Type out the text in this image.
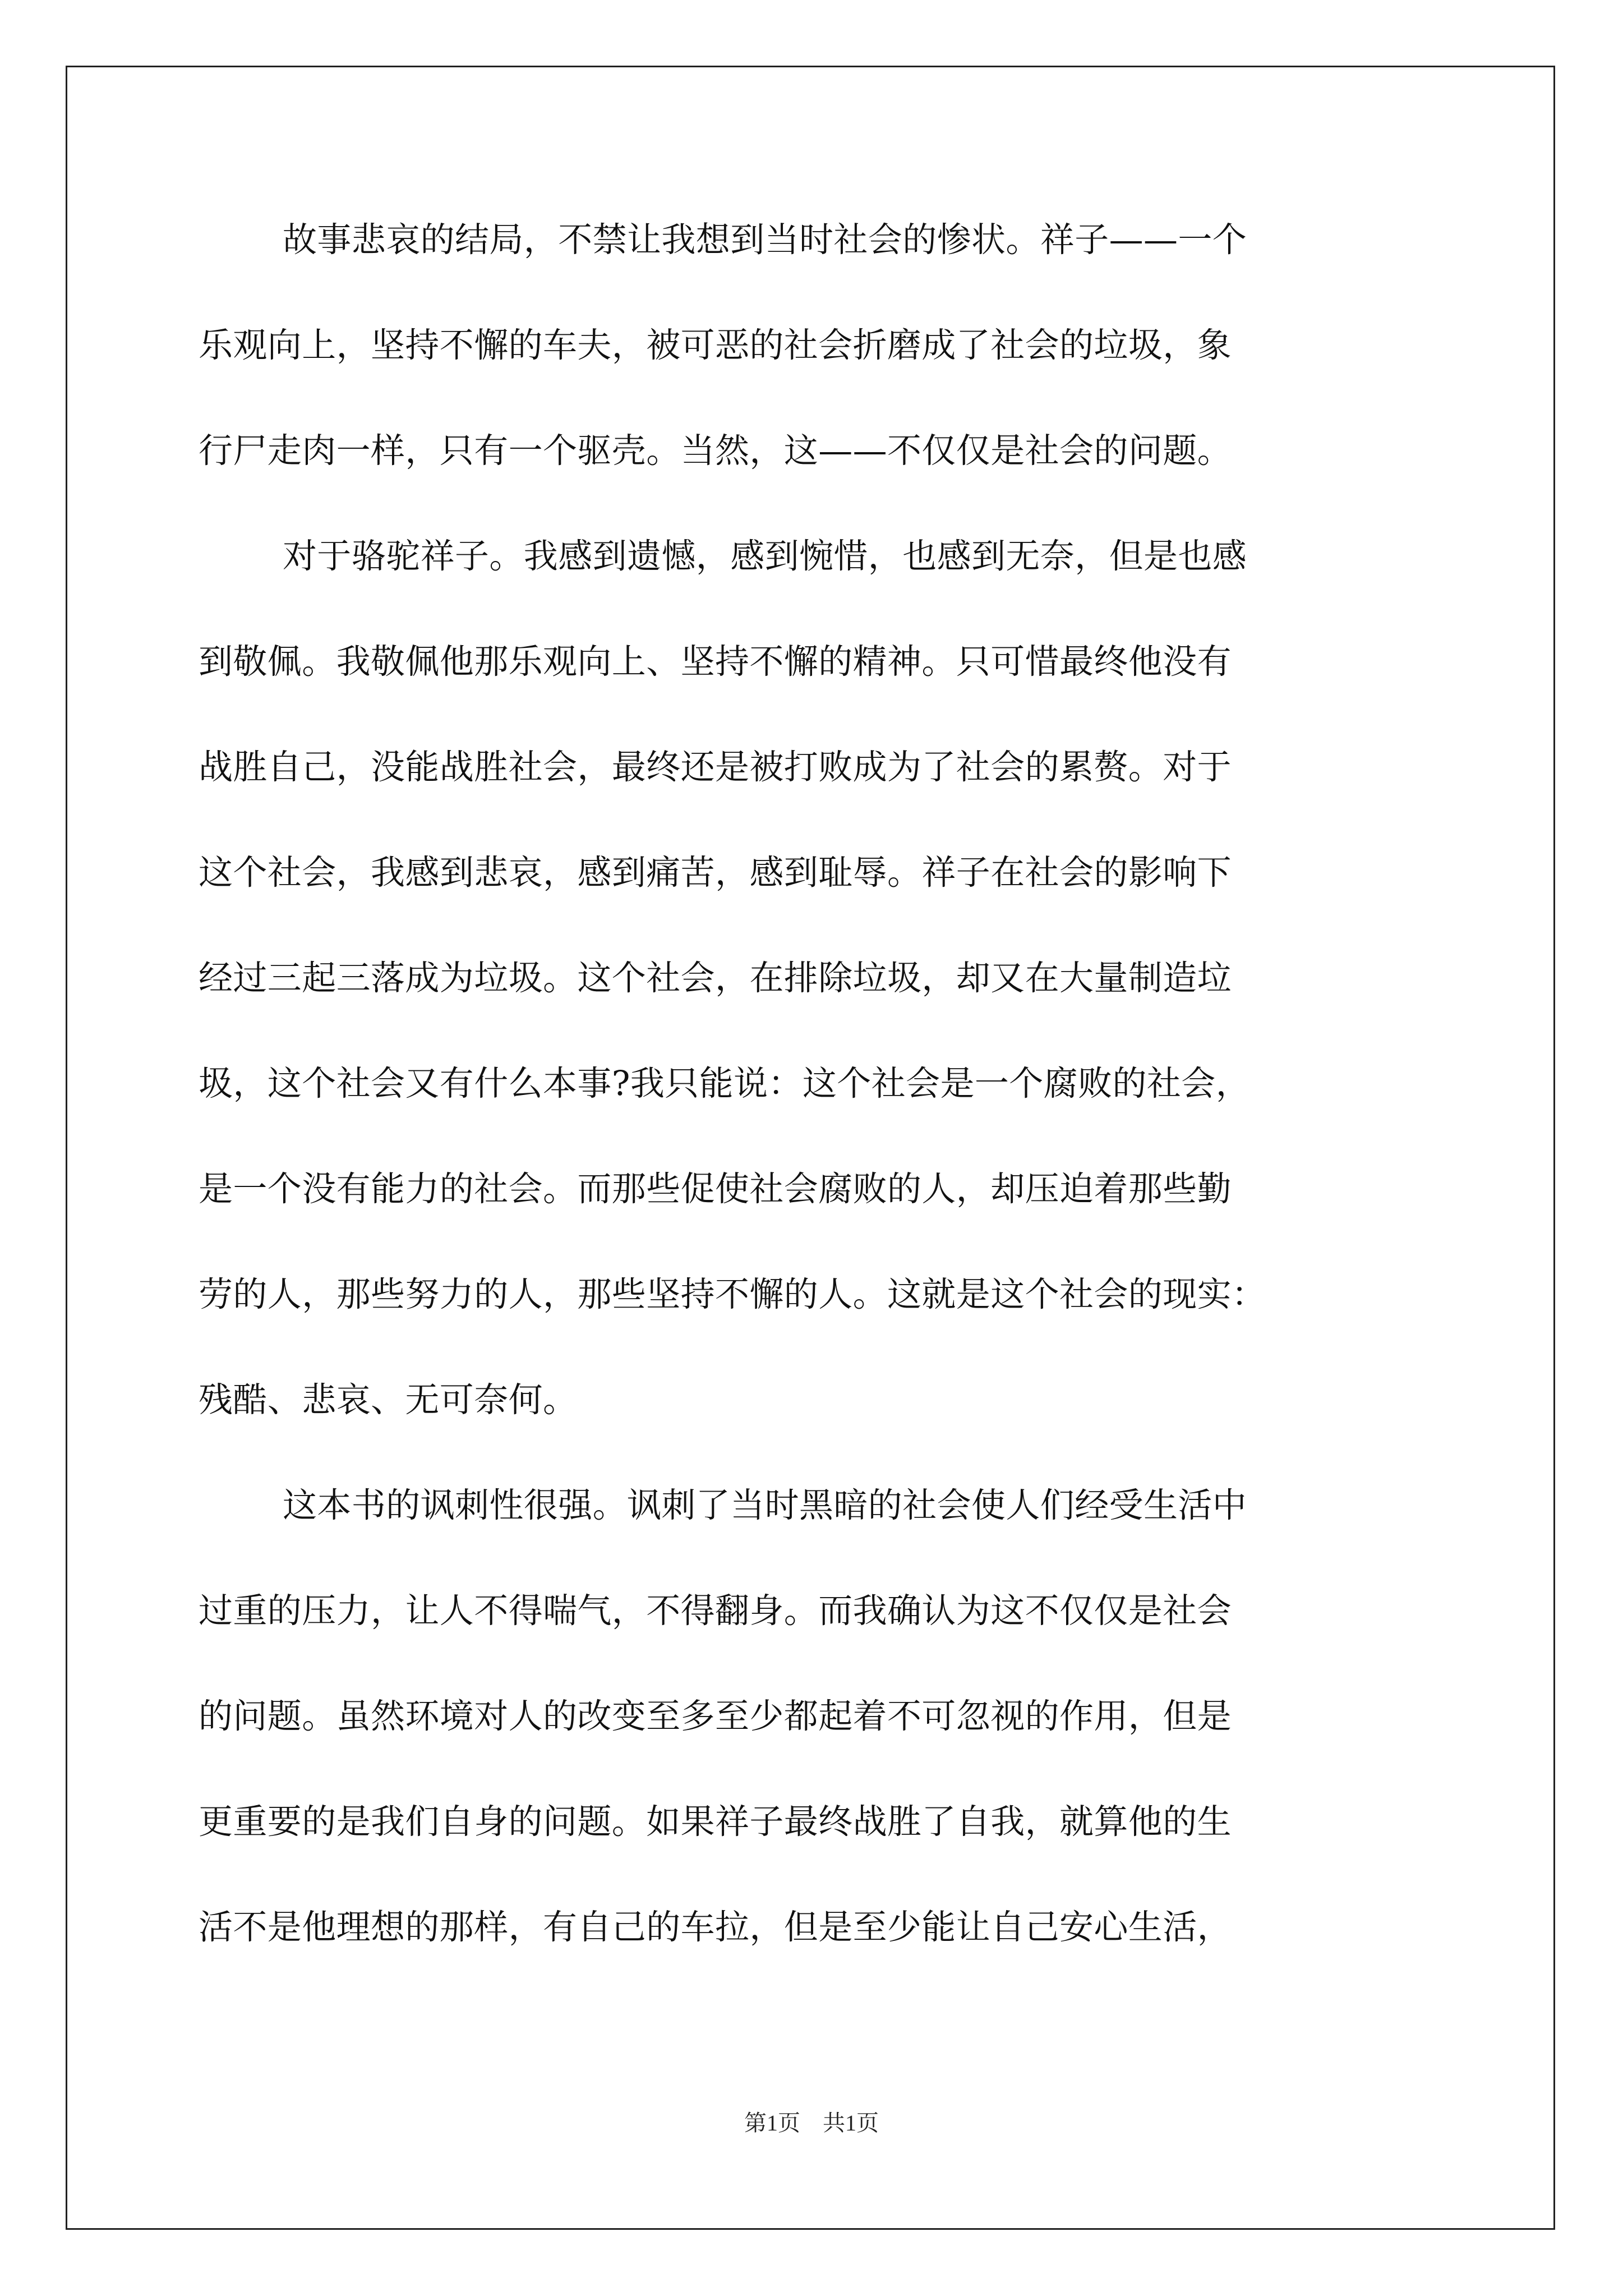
故事悲哀的结局，不禁让我想到当时社会的惨状。祥子——一个
乐观向上，坚持不懈的车夫，被可恶的社会折磨成了社会的垃圾，象
行尸走肉一样，只有一个驱壳。当然，这——不仅仅是社会的问题。
对于骆驼祥子。我感到遗憾，感到惋惜，也感到无奈，但是也感
到敬佩。我敬佩他那乐观向上、坚持不懈的精神。只可惜最终他没有
战胜自己，没能战胜社会，最终还是被打败成为了社会的累赘。对于
这个社会，我感到悲哀，感到痛苦，感到耻辱。祥子在社会的影响下
经过三起三落成为垃圾。这个社会，在排除垃圾，却又在大量制造垃
圾，这个社会又有什么本事?我只能说：这个社会是一个腐败的社会，
是一个没有能力的社会。而那些促使社会腐败的人，却压迫着那些勤
劳的人，那些努力的人，那些坚持不懈的人。这就是这个社会的现实：
残酷、悲哀、无可奈何。
这本书的讽刺性很强。讽刺了当时黑暗的社会使人们经受生活中
过重的压力，让人不得喘气，不得翻身。而我确认为这不仅仅是社会
的问题。虽然环境对人的改变至多至少都起着不可忽视的作用，但是
更重要的是我们自身的问题。如果祥子最终战胜了自我，就算他的生
活不是他理想的那样，有自己的车拉，但是至少能让自己安心生活，
第1页　共1页
